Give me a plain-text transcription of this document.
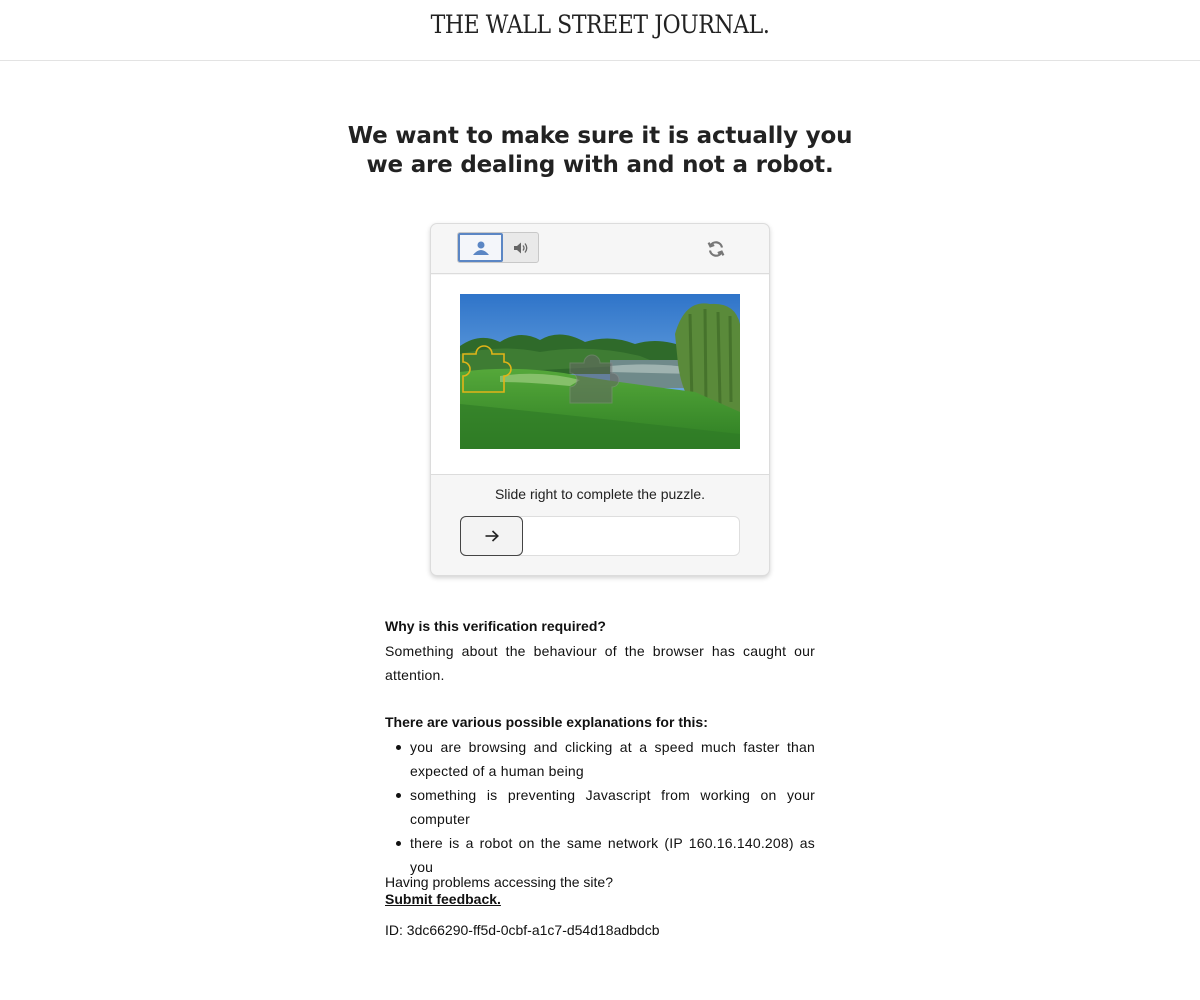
THE WALL STREET JOURNAL.
We want to make sure it is actually you
we are dealing with and not a robot.
Slide right to complete the puzzle.
Why is this verification required?
Something about the behaviour of the browser has caught our attention.
There are various possible explanations for this:
you are browsing and clicking at a speed much faster than expected of a human being
something is preventing Javascript from working on your computer
there is a robot on the same network (IP 160.16.140.208) as you
Having problems accessing the site?
Submit feedback.
ID: 3dc66290-ff5d-0cbf-a1c7-d54d18adbdcb
